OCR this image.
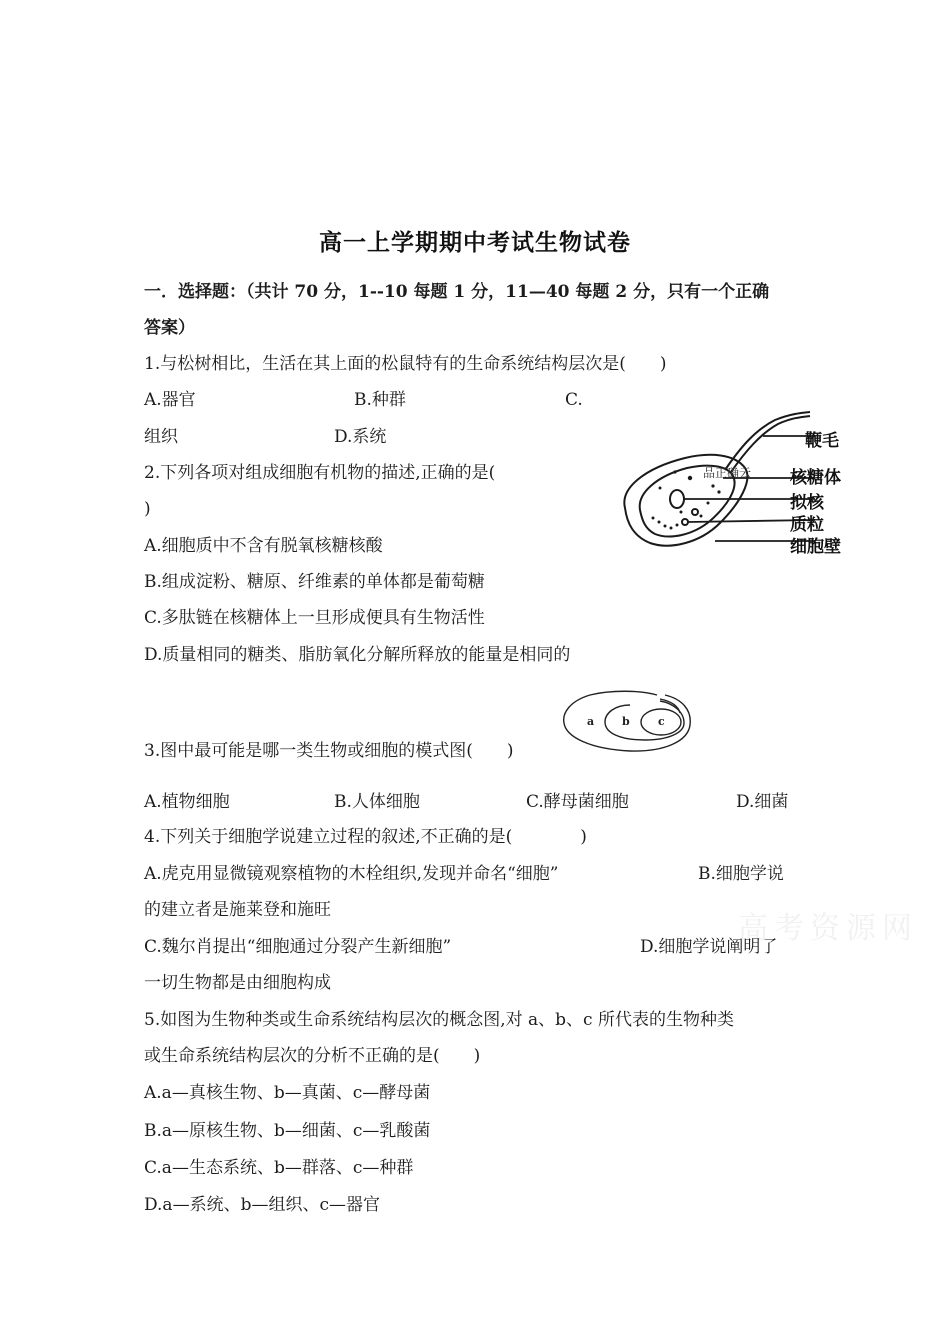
高一上学期期中考试生物试卷
一．选择题：（共计 70 分，1--10 每题 1 分，11—40 每题 2 分，只有一个正确
答案）
1.与松树相比，生活在其上面的松鼠特有的生命系统结构层次是(　　)
A.器官	B.种群	C.
组织	D.系统
2.下列各项对组成细胞有机物的描述,正确的是(
)
A.细胞质中不含有脱氧核糖核酸
B.组成淀粉、糖原、纤维素的单体都是葡萄糖
C.多肽链在核糖体上一旦形成便具有生物活性
D.质量相同的糖类、脂肪氧化分解所释放的能量是相同的
品正确云
鞭毛
核糖体
拟核
质粒
细胞壁
a	b	c
3.图中最可能是哪一类生物或细胞的模式图(　　)
A.植物细胞	B.人体细胞	C.酵母菌细胞	D.细菌
4.下列关于细胞学说建立过程的叙述,不正确的是(　　　　)
A.虎克用显微镜观察植物的木栓组织,发现并命名“细胞”	B.细胞学说
的建立者是施莱登和施旺
C.魏尔肖提出“细胞通过分裂产生新细胞”	D.细胞学说阐明了
一切生物都是由细胞构成
5.如图为生物种类或生命系统结构层次的概念图,对 a、b、c 所代表的生物种类
或生命系统结构层次的分析不正确的是(　　)
A.a—真核生物、b—真菌、c—酵母菌
B.a—原核生物、b—细菌、c—乳酸菌
C.a—生态系统、b—群落、c—种群
D.a—系统、b—组织、c—器官
高考资源网
